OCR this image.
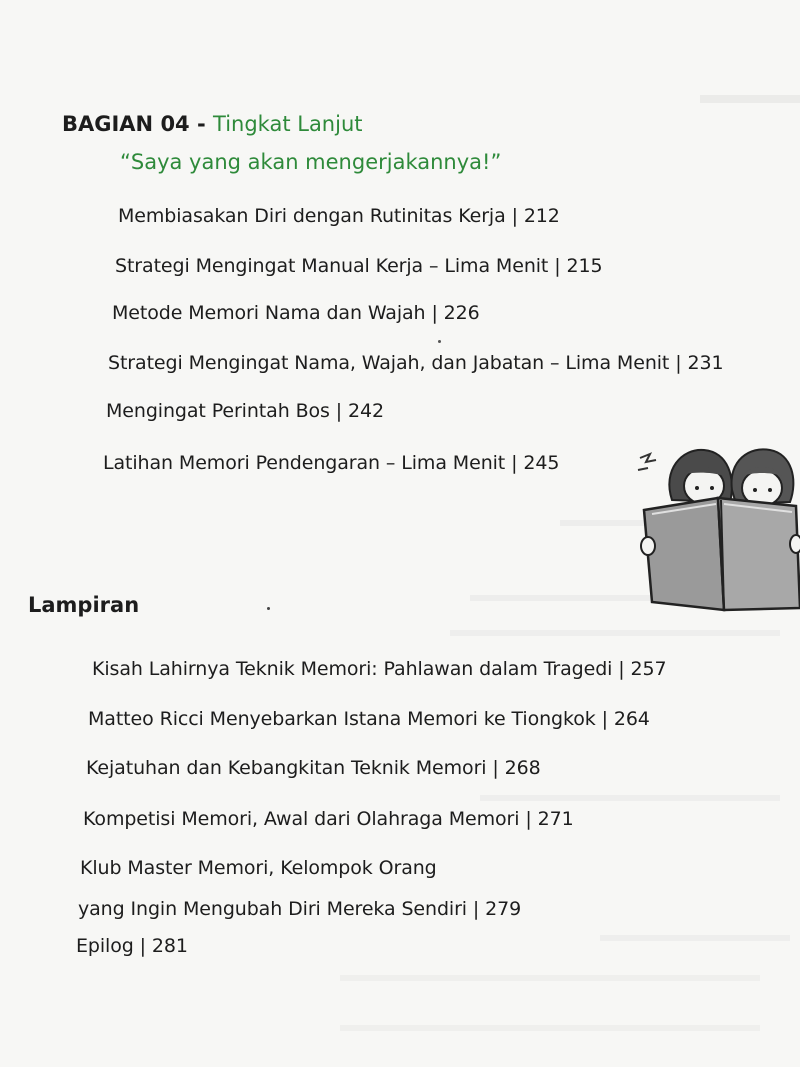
BAGIAN 04 - Tingkat Lanjut
“Saya yang akan mengerjakannya!”
Membiasakan Diri dengan Rutinitas Kerja | 212
Strategi Mengingat Manual Kerja – Lima Menit | 215
Metode Memori Nama dan Wajah | 226
Strategi Mengingat Nama, Wajah, dan Jabatan – Lima Menit | 231
Mengingat Perintah Bos | 242
Latihan Memori Pendengaran – Lima Menit | 245
Lampiran
Kisah Lahirnya Teknik Memori: Pahlawan dalam Tragedi | 257
Matteo Ricci Menyebarkan Istana Memori ke Tiongkok | 264
Kejatuhan dan Kebangkitan Teknik Memori | 268
Kompetisi Memori, Awal dari Olahraga Memori | 271
Klub Master Memori, Kelompok Orang
yang Ingin Mengubah Diri Mereka Sendiri | 279
Epilog | 281
